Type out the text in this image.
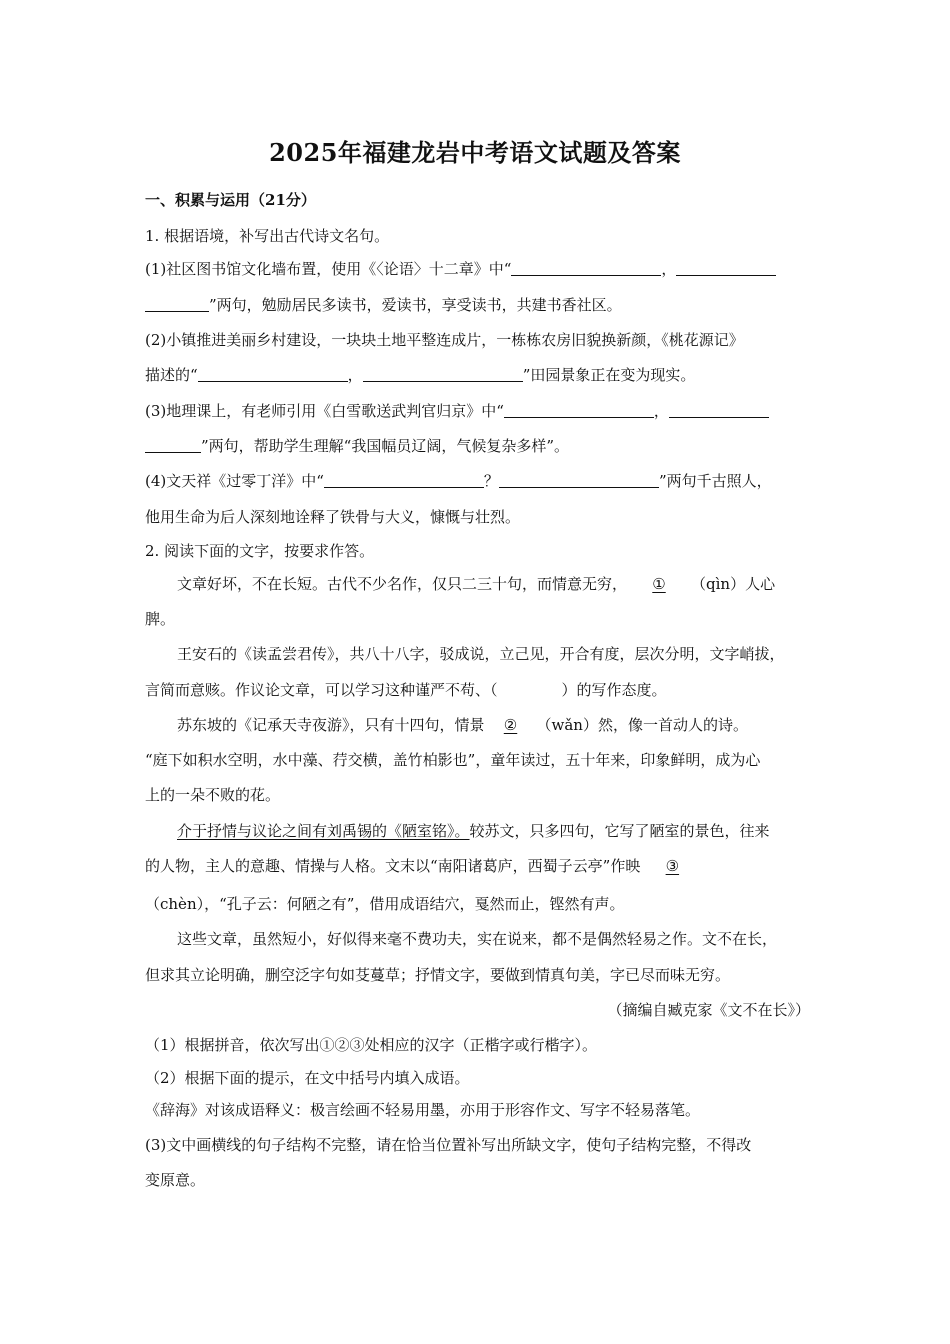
2025年福建龙岩中考语文试题及答案
一、积累与运用（21分）
1. 根据语境，补写出古代诗文名句。
(1)社区图书馆文化墙布置，使用《〈论语〉十二章》中“	，
”两句，勉励居民多读书，爱读书，享受读书，共建书香社区。
(2)小镇推进美丽乡村建设，一块块土地平整连成片，一栋栋农房旧貌换新颜，《桃花源记》
描述的“	，	”田园景象正在变为现实。
(3)地理课上，有老师引用《白雪歌送武判官归京》中“	，
”两句，帮助学生理解“我国幅员辽阔，气候复杂多样”。
(4)文天祥《过零丁洋》中“	？	”两句千古照人，
他用生命为后人深刻地诠释了铁骨与大义，慷慨与壮烈。
2. 阅读下面的文字，按要求作答。
文章好坏，不在长短。古代不少名作，仅只二三十句，而情意无穷， ① （qìn）人心
脾。
王安石的《读孟尝君传》，共八十八字，驳成说，立己见，开合有度，层次分明，文字峭拔，
言简而意赅。作议论文章，可以学习这种谨严不苟、（	）的写作态度。
苏东坡的《记承天寺夜游》，只有十四句，情景 ② （wǎn）然，像一首动人的诗。
“庭下如积水空明，水中藻、荇交横，盖竹柏影也”，童年读过，五十年来，印象鲜明，成为心
上的一朵不败的花。
介于抒情与议论之间有刘禹锡的《陋室铭》。较苏文，只多四句，它写了陋室的景色，往来
的人物，主人的意趣、情操与人格。文末以“南阳诸葛庐，西蜀子云亭”作映 ③
（chèn），“孔子云：何陋之有”，借用成语结穴，戛然而止，铿然有声。
这些文章，虽然短小，好似得来毫不费功夫，实在说来，都不是偶然轻易之作。文不在长，
但求其立论明确，删空泛字句如芟蔓草；抒情文字，要做到情真句美，字已尽而味无穷。
（摘编自臧克家《文不在长》）
（1）根据拼音，依次写出①②③处相应的汉字（正楷字或行楷字）。
（2）根据下面的提示，在文中括号内填入成语。
《辞海》对该成语释义：极言绘画不轻易用墨，亦用于形容作文、写字不轻易落笔。
(3)文中画横线的句子结构不完整，请在恰当位置补写出所缺文字，使句子结构完整，不得改
变原意。
